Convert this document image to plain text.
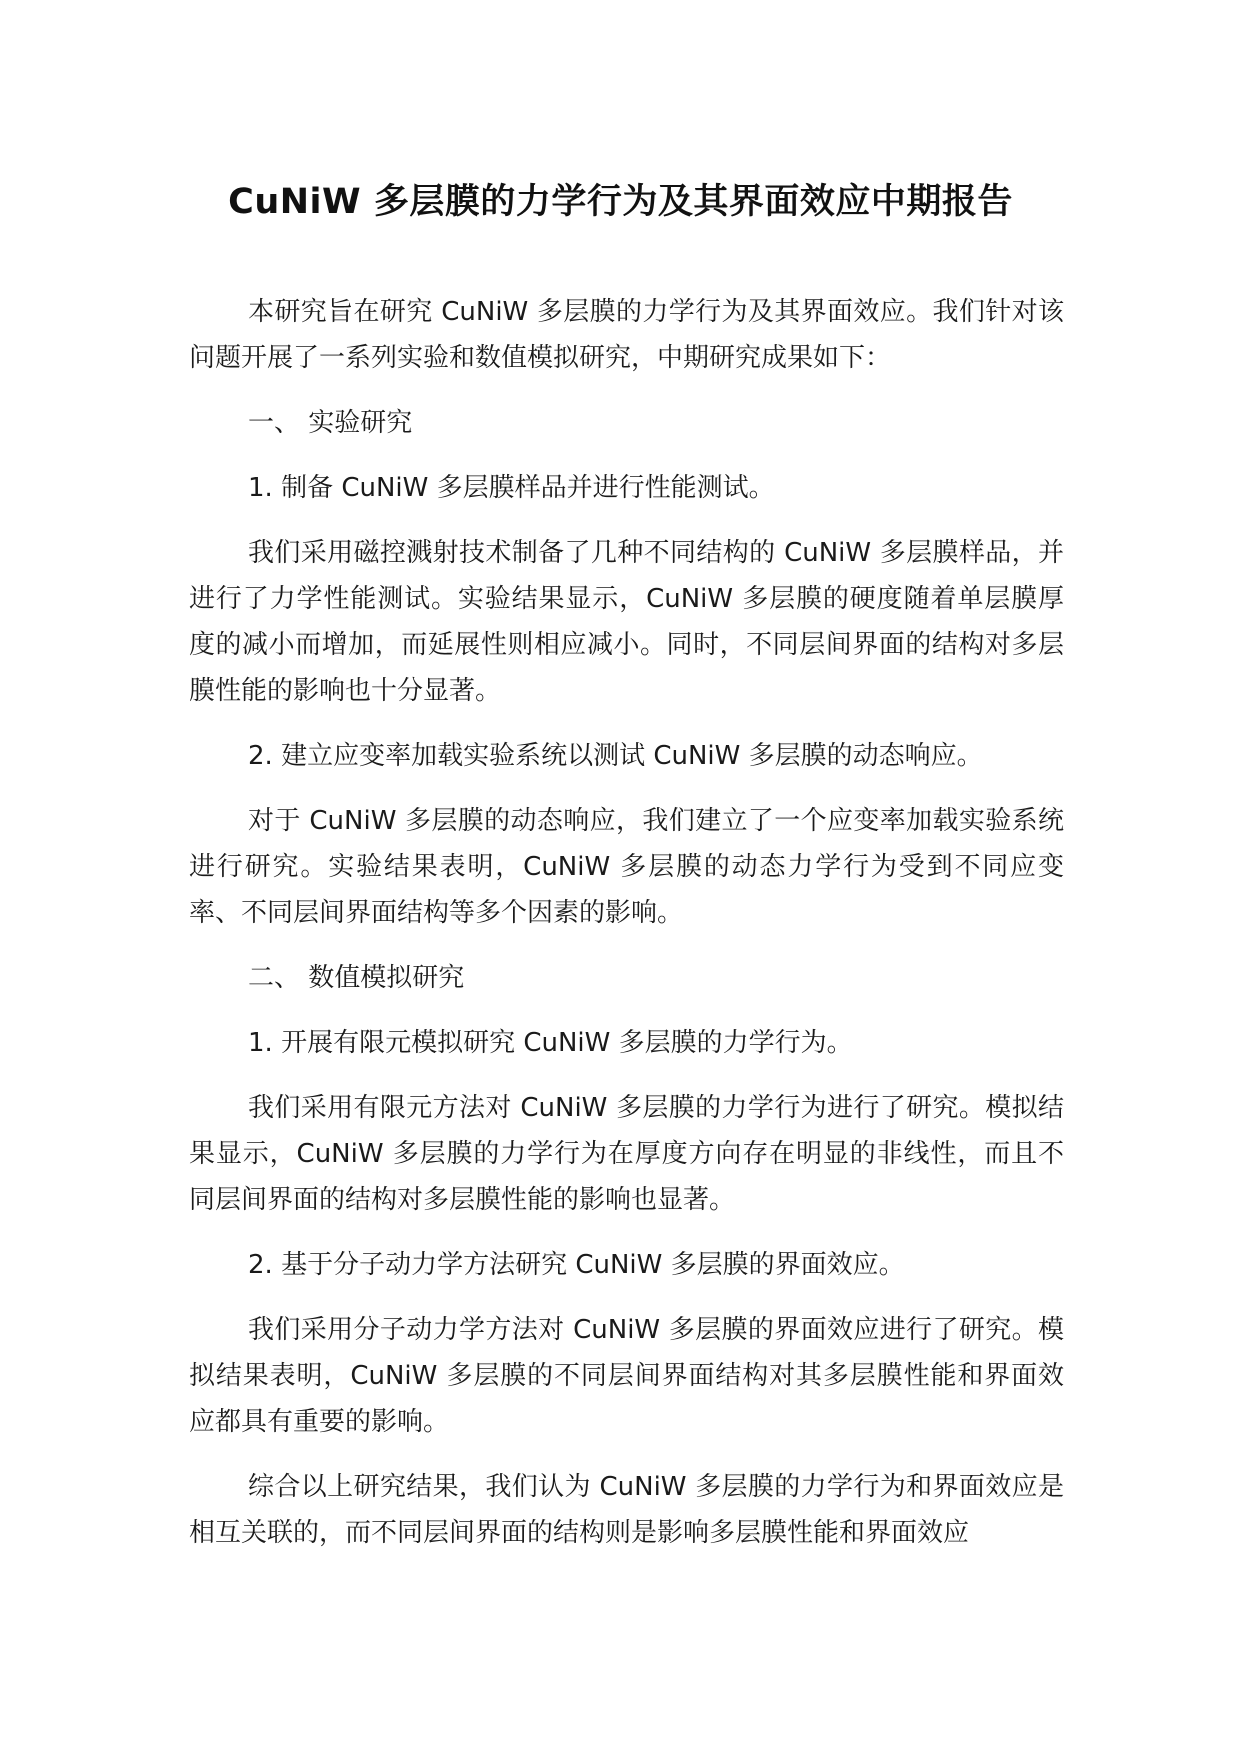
CuNiW 多层膜的力学行为及其界面效应中期报告

本研究旨在研究 CuNiW 多层膜的力学行为及其界面效应。我们针对该问题开展了一系列实验和数值模拟研究，中期研究成果如下：

一、 实验研究

1. 制备 CuNiW 多层膜样品并进行性能测试。

我们采用磁控溅射技术制备了几种不同结构的 CuNiW 多层膜样品，并进行了力学性能测试。实验结果显示，CuNiW 多层膜的硬度随着单层膜厚度的减小而增加，而延展性则相应减小。同时，不同层间界面的结构对多层膜性能的影响也十分显著。

2. 建立应变率加载实验系统以测试 CuNiW 多层膜的动态响应。

对于 CuNiW 多层膜的动态响应，我们建立了一个应变率加载实验系统进行研究。实验结果表明，CuNiW 多层膜的动态力学行为受到不同应变率、不同层间界面结构等多个因素的影响。

二、 数值模拟研究

1. 开展有限元模拟研究 CuNiW 多层膜的力学行为。

我们采用有限元方法对 CuNiW 多层膜的力学行为进行了研究。模拟结果显示，CuNiW 多层膜的力学行为在厚度方向存在明显的非线性，而且不同层间界面的结构对多层膜性能的影响也显著。

2. 基于分子动力学方法研究 CuNiW 多层膜的界面效应。

我们采用分子动力学方法对 CuNiW 多层膜的界面效应进行了研究。模拟结果表明，CuNiW 多层膜的不同层间界面结构对其多层膜性能和界面效应都具有重要的影响。

综合以上研究结果，我们认为 CuNiW 多层膜的力学行为和界面效应是相互关联的，而不同层间界面的结构则是影响多层膜性能和界面效应
